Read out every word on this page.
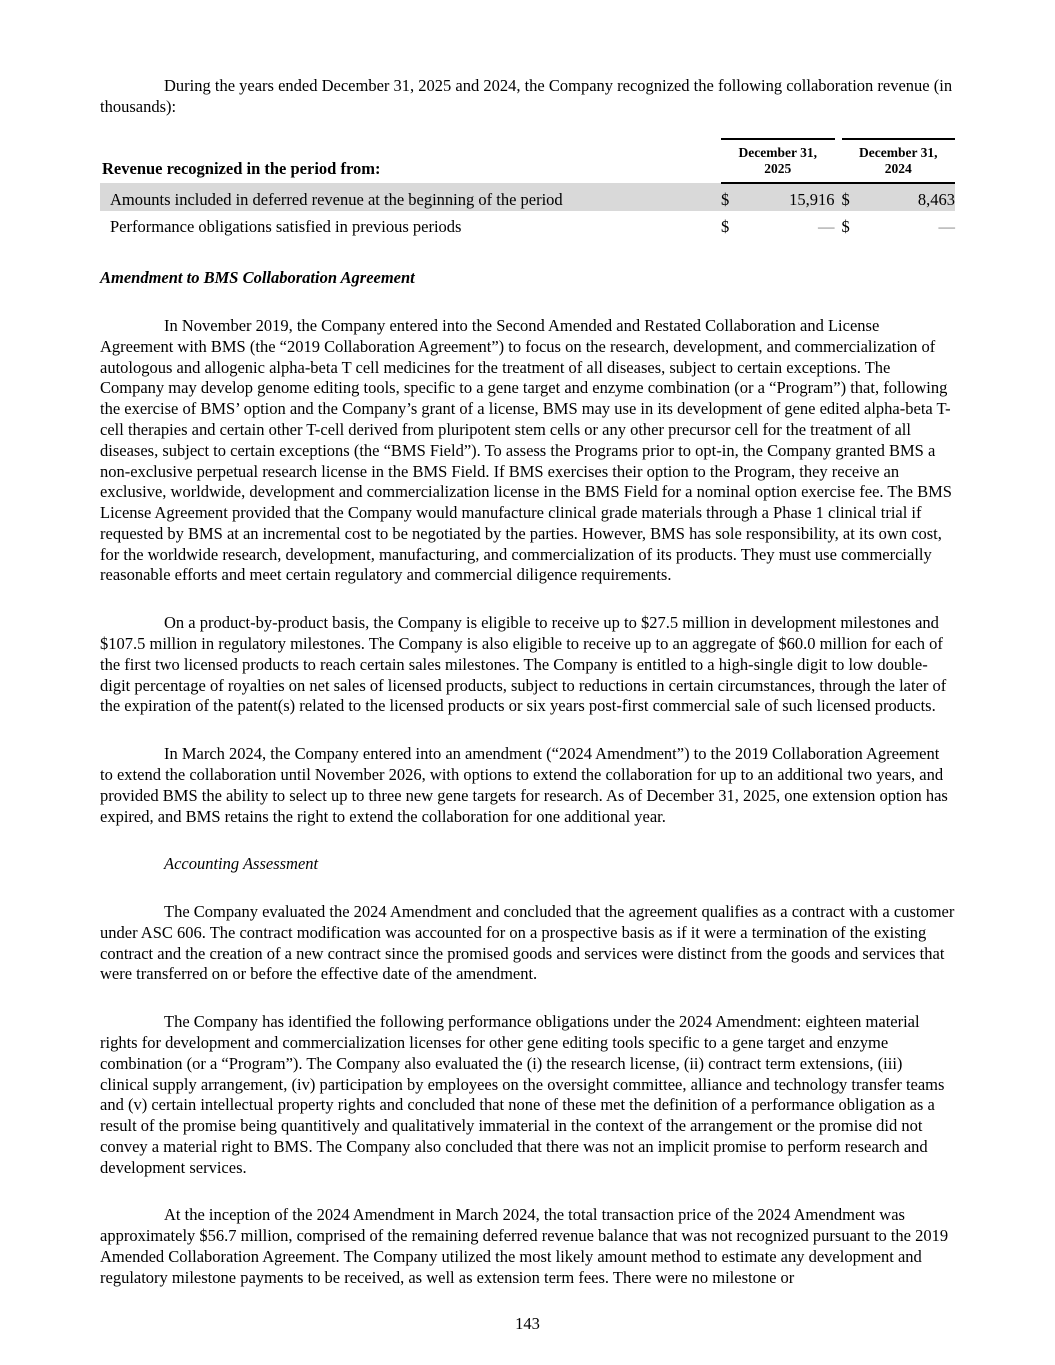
During the years ended December 31, 2025 and 2024, the Company recognized the following collaboration revenue (in thousands):

Revenue recognized in the period from:	December 31,
2025			December 31,
2024	
Amounts included in deferred revenue at the beginning of the period	$	15,916		$	8,463
Performance obligations satisfied in previous periods	$	—		$	—
Amendment to BMS Collaboration Agreement

In November 2019, the Company entered into the Second Amended and Restated Collaboration and License Agreement with BMS (the “2019 Collaboration Agreement”) to focus on the research, development, and commercialization of autologous and allogenic alpha-beta T cell medicines for the treatment of all diseases, subject to certain exceptions. The Company may develop genome editing tools, specific to a gene target and enzyme combination (or a “Program”) that, following the exercise of BMS’ option and the Company’s grant of a license, BMS may use in its development of gene edited alpha-beta T-cell therapies and certain other T-cell derived from pluripotent stem cells or any other precursor cell for the treatment of all diseases, subject to certain exceptions (the “BMS Field”). To assess the Programs prior to opt-in, the Company granted BMS a non-exclusive perpetual research license in the BMS Field. If BMS exercises their option to the Program, they receive an exclusive, worldwide, development and commercialization license in the BMS Field for a nominal option exercise fee. The BMS License Agreement provided that the Company would manufacture clinical grade materials through a Phase 1 clinical trial if requested by BMS at an incremental cost to be negotiated by the parties. However, BMS has sole responsibility, at its own cost, for the worldwide research, development, manufacturing, and commercialization of its products. They must use commercially reasonable efforts and meet certain regulatory and commercial diligence requirements.

On a product-by-product basis, the Company is eligible to receive up to $27.5 million in development milestones and $107.5 million in regulatory milestones. The Company is also eligible to receive up to an aggregate of $60.0 million for each of the first two licensed products to reach certain sales milestones. The Company is entitled to a high-single digit to low double-digit percentage of royalties on net sales of licensed products, subject to reductions in certain circumstances, through the later of the expiration of the patent(s) related to the licensed products or six years post-first commercial sale of such licensed products.

In March 2024, the Company entered into an amendment (“2024 Amendment”) to the 2019 Collaboration Agreement to extend the collaboration until November 2026, with options to extend the collaboration for up to an additional two years, and provided BMS the ability to select up to three new gene targets for research. As of December 31, 2025, one extension option has expired, and BMS retains the right to extend the collaboration for one additional year.

Accounting Assessment

The Company evaluated the 2024 Amendment and concluded that the agreement qualifies as a contract with a customer under ASC 606. The contract modification was accounted for on a prospective basis as if it were a termination of the existing contract and the creation of a new contract since the promised goods and services were distinct from the goods and services that were transferred on or before the effective date of the amendment.

The Company has identified the following performance obligations under the 2024 Amendment: eighteen material rights for development and commercialization licenses for other gene editing tools specific to a gene target and enzyme combination (or a “Program”). The Company also evaluated the (i) the research license, (ii) contract term extensions, (iii) clinical supply arrangement, (iv) participation by employees on the oversight committee, alliance and technology transfer teams and (v) certain intellectual property rights and concluded that none of these met the definition of a performance obligation as a result of the promise being quantitively and qualitatively immaterial in the context of the arrangement or the promise did not convey a material right to BMS. The Company also concluded that there was not an implicit promise to perform research and development services.

At the inception of the 2024 Amendment in March 2024, the total transaction price of the 2024 Amendment was approximately $56.7 million, comprised of the remaining deferred revenue balance that was not recognized pursuant to the 2019 Amended Collaboration Agreement. The Company utilized the most likely amount method to estimate any development and regulatory milestone payments to be received, as well as extension term fees. There were no milestone or

143
